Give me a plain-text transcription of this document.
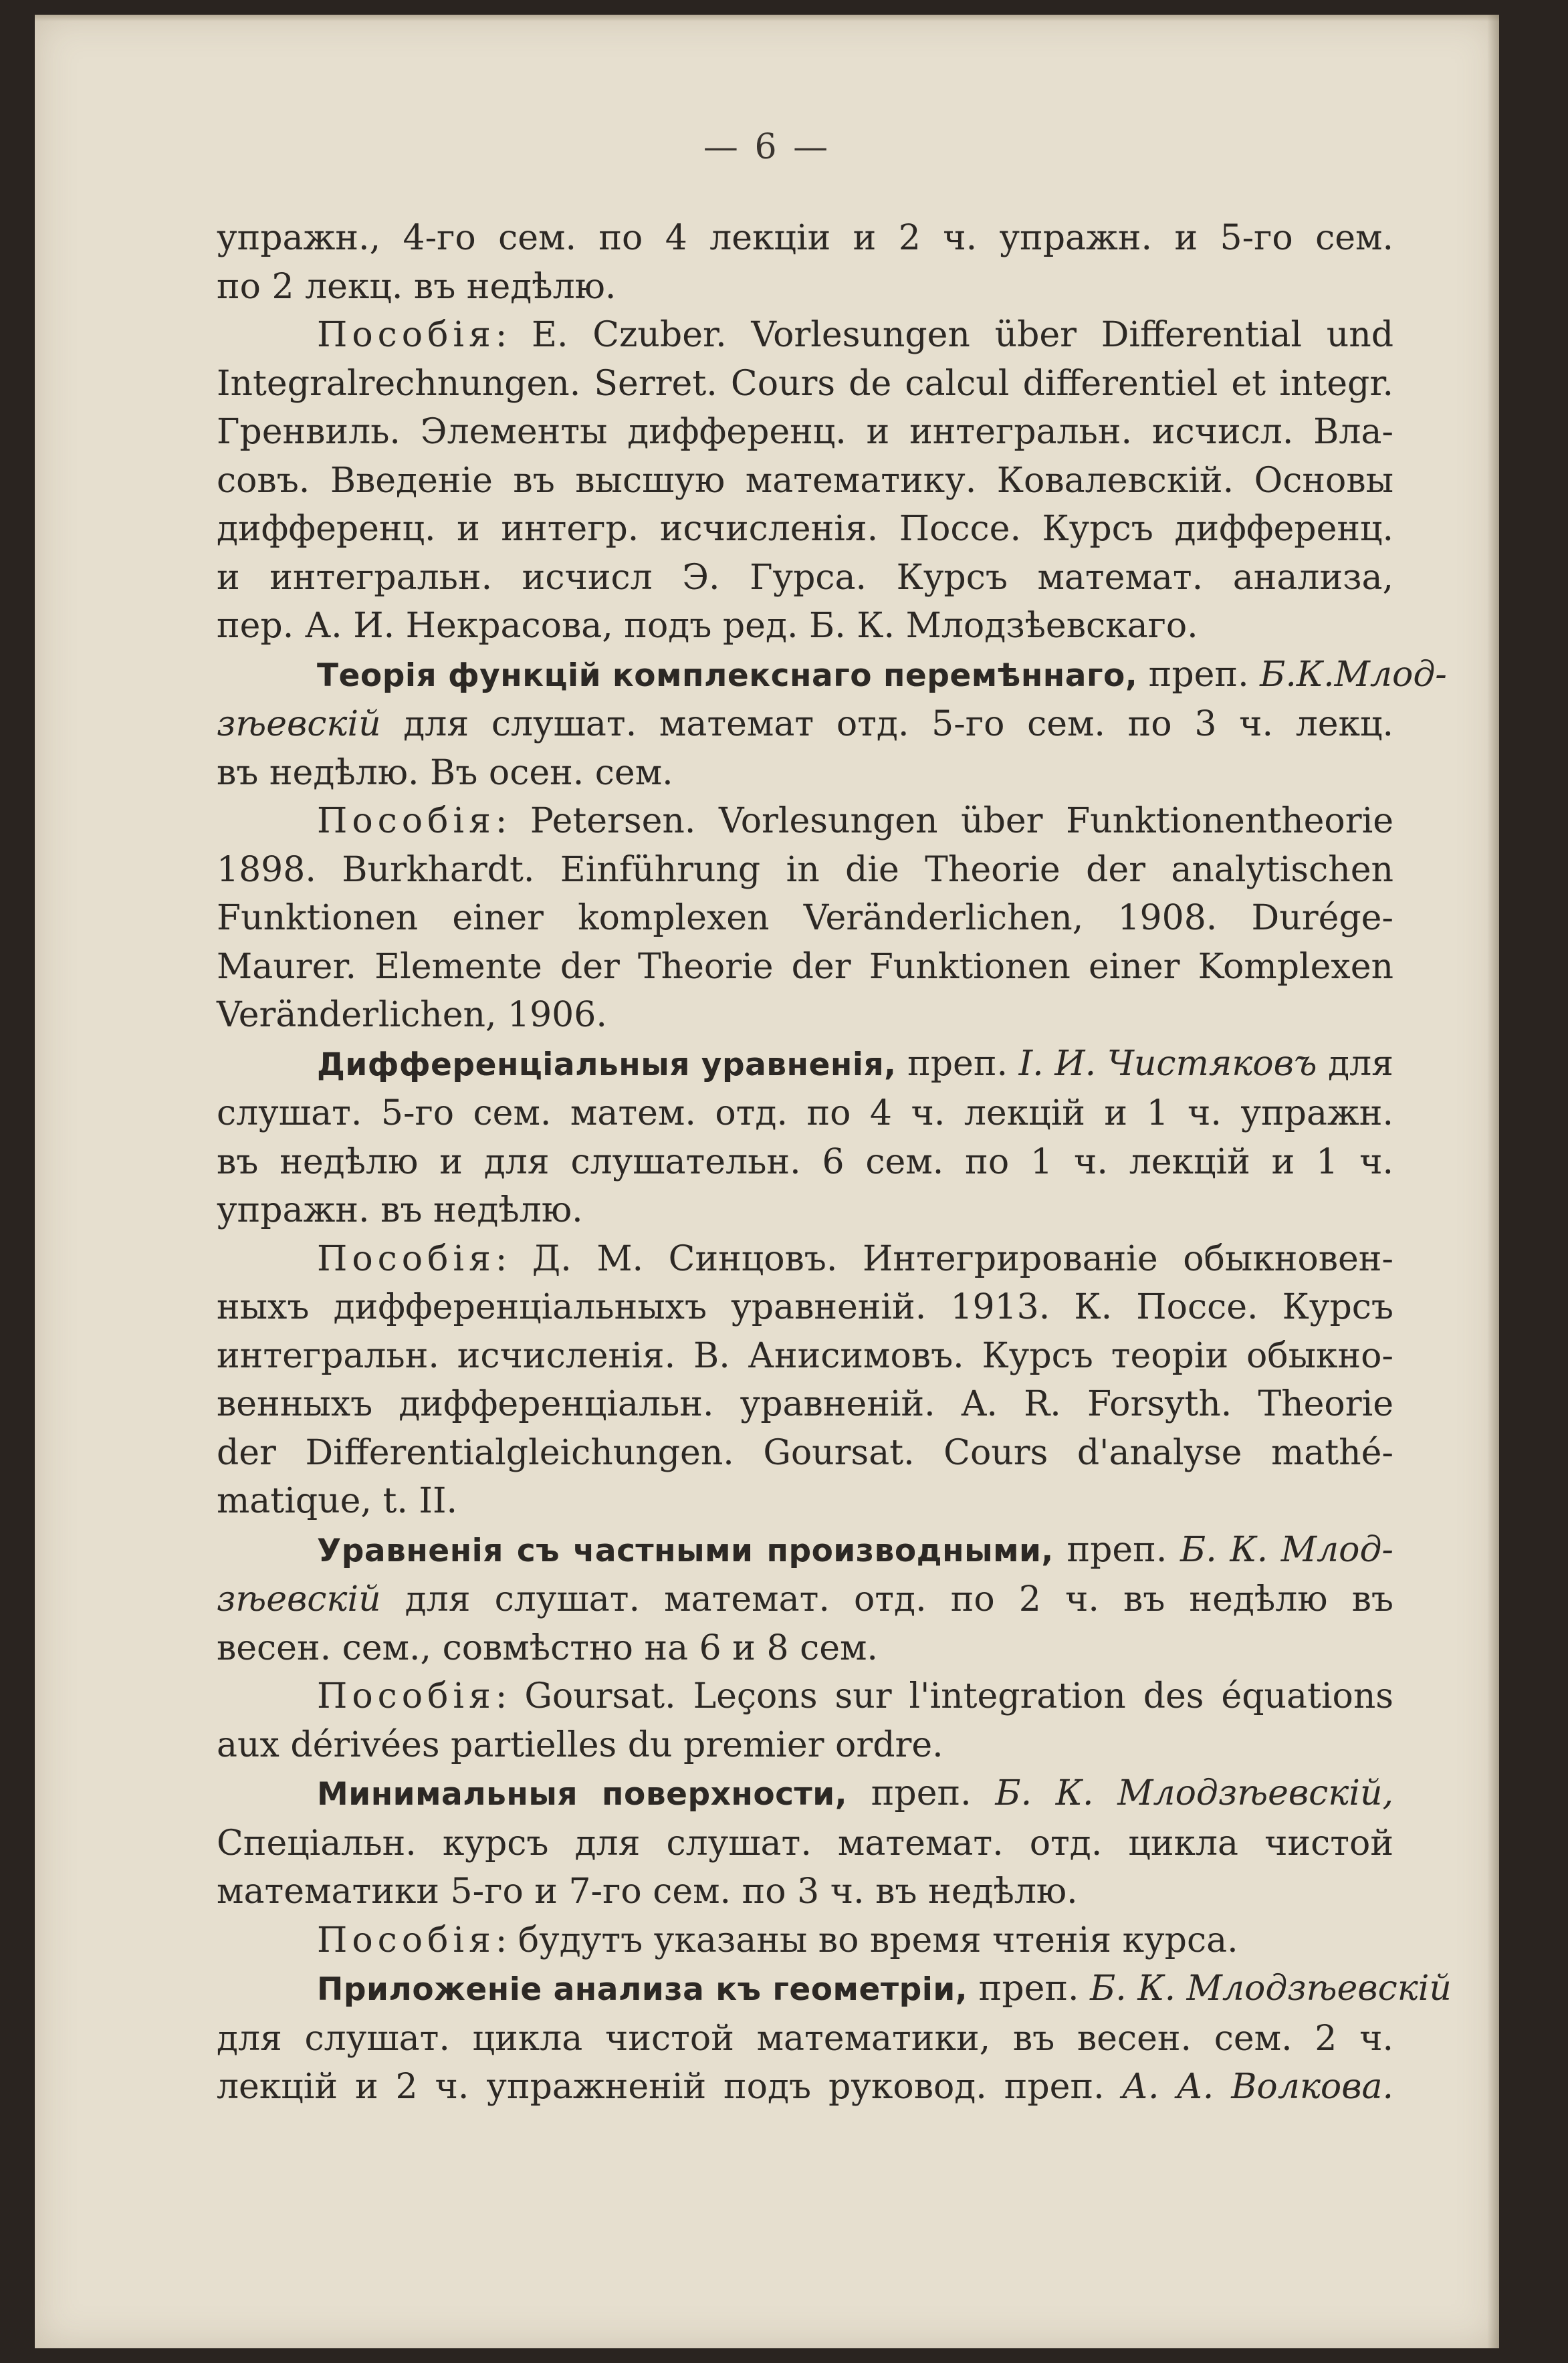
— 6 —
упражн., 4-го сем. по 4 лекціи и 2 ч. упражн. и 5-го сем.
по 2 лекц. въ недѣлю.
Пособія: E. Czuber. Vorlesungen über Differential und
Integralrechnungen. Serret. Cours de calcul differentiel et integr.
Гренвиль. Элементы дифференц. и интегральн. исчисл. Вла-
совъ. Введеніе въ высшую математику. Ковалевскій. Основы
дифференц. и интегр. исчисленія. Поссе. Курсъ дифференц.
и интегральн. исчисл Э. Гурса. Курсъ математ. анализа,
пер. А. И. Некрасова, подъ ред. Б. К. Млодзѣевскаго.
Теорія функцій комплекснаго перемѣннаго, преп. Б.К.Млод-
зѣевскій для слушат. математ отд. 5-го сем. по 3 ч. лекц.
въ недѣлю. Въ осен. сем.
Пособія: Petersen. Vorlesungen über Funktionentheorie
1898. Burkhardt. Einführung in die Theorie der analytischen
Funktionen einer komplexen Veränderlichen, 1908. Durége-
Maurer. Elemente der Theorie der Funktionen einer Komplexen
Veränderlichen, 1906.
Дифференціальныя уравненія, преп. І. И. Чистяковъ для
слушат. 5-го сем. матем. отд. по 4 ч. лекцій и 1 ч. упражн.
въ недѣлю и для слушательн. 6 сем. по 1 ч. лекцій и 1 ч.
упражн. въ недѣлю.
Пособія: Д. М. Синцовъ. Интегрированіе обыкновен-
ныхъ дифференціальныхъ уравненій. 1913. К. Поссе. Курсъ
интегральн. исчисленія. В. Анисимовъ. Курсъ теоріи обыкно-
венныхъ дифференціальн. уравненій. A. R. Forsyth. Theorie
der Differentialgleichungen. Goursat. Cours d'analyse mathé-
matique, t. II.
Уравненія съ частными производными, преп. Б. К. Млод-
зѣевскій для слушат. математ. отд. по 2 ч. въ недѣлю въ
весен. сем., совмѣстно на 6 и 8 сем.
Пособія: Goursat. Leçons sur l'integration des équations
aux dérivées partielles du premier ordre.
Минимальныя поверхности, преп. Б. К. Млодзѣевскій,
Спеціальн. курсъ для слушат. математ. отд. цикла чистой
математики 5-го и 7-го сем. по 3 ч. въ недѣлю.
Пособія: будутъ указаны во время чтенія курса.
Приложеніе анализа къ геометріи, преп. Б. К. Млодзѣевскій
для слушат. цикла чистой математики, въ весен. сем. 2 ч.
лекцій и 2 ч. упражненій подъ руковод. преп. А. А. Волкова.
